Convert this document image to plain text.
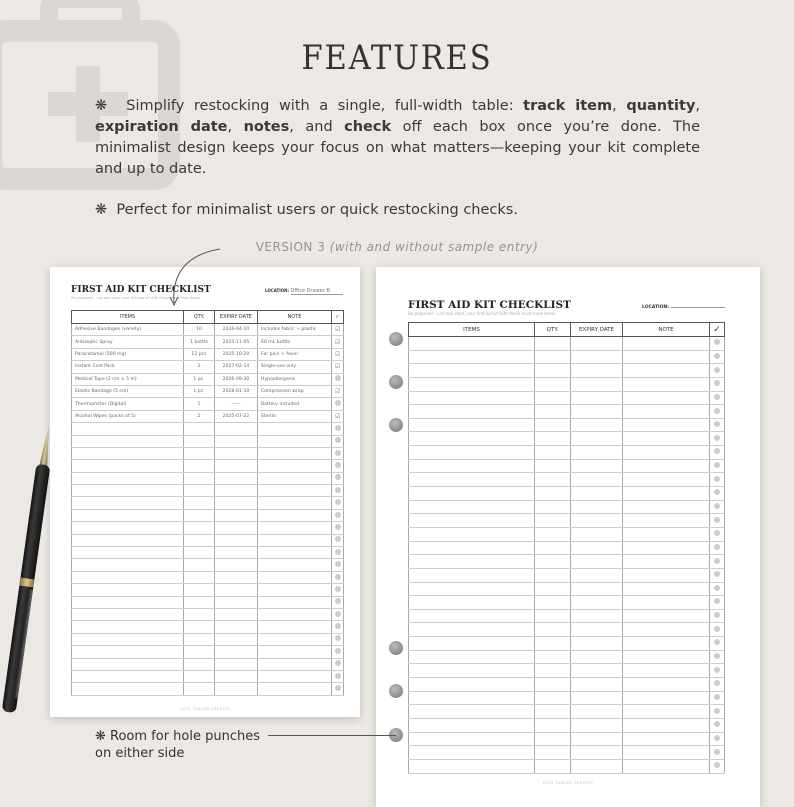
FEATURES

❋ Simplify restocking with a single, full-width table: track item, quantity, expiration date, notes, and check off each box once you’re done. The minimalist design keeps your focus on what matters—keeping your kit complete and up to date.

❋ Perfect for minimalist users or quick restocking checks.

VERSION 3 (with and without sample entry)
FIRST AID KIT CHECKLIST
Be prepared – List and stack your first aid kit with these must-have items
LOCATION: Office Drawer B
ITEMS	QTY.	EXPIRY DATE	NOTE	✓
Adhesive Bandages (variety)	10	2026-04-10	Includes fabric + plastic	☑
Antiseptic Spray	1 bottle	2025-11-05	60 mL bottle	☑
Paracetamol (500 mg)	12 pcs	2025-10-20	For pain + fever	☑
Instant Cold Pack	2	2027-02-14	Single-use only	☑
Medical Tape (2 cm × 5 m)	1 pc.	2026-09-30	Hypoallergenic	
Elastic Bandage (5 cm)	1 pc.	2028-01-10	Compression wrap	☑
Thermometer (Digital)	1	——	Battery included	
Alcohol Wipes (packs of 5)	2	2025-07-22	Sterile	☑

2025 TANCAR CREATES
FIRST AID KIT CHECKLIST
Be prepared – List and stack your first aid kit with these must-have items
LOCATION:
ITEMS	QTY.	EXPIRY DATE	NOTE	✓

2025 TANCAR CREATES
❋ Room for hole punches on either side
